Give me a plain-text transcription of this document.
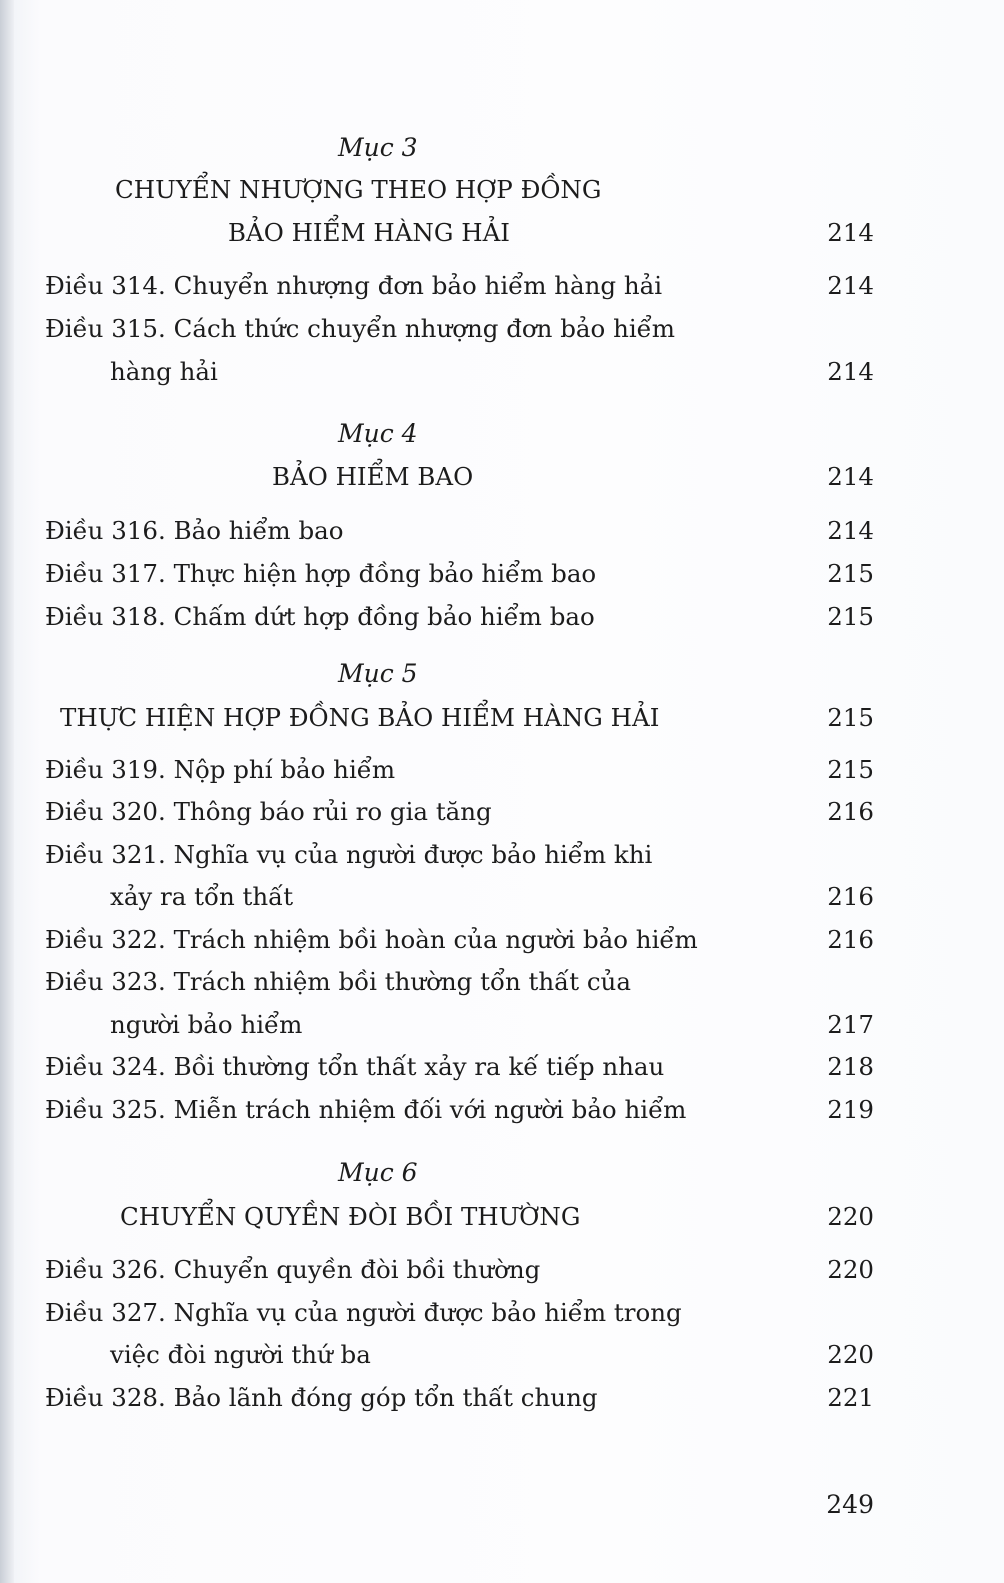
Mục 3
CHUYỂN NHƯỢNG THEO HỢP ĐỒNG
BẢO HIỂM HÀNG HẢI	214
Điều 314. Chuyển nhượng đơn bảo hiểm hàng hải	214
Điều 315. Cách thức chuyển nhượng đơn bảo hiểm
hàng hải	214
Mục 4
BẢO HIỂM BAO	214
Điều 316. Bảo hiểm bao	214
Điều 317. Thực hiện hợp đồng bảo hiểm bao	215
Điều 318. Chấm dứt hợp đồng bảo hiểm bao	215
Mục 5
THỰC HIỆN HỢP ĐỒNG BẢO HIỂM HÀNG HẢI	215
Điều 319. Nộp phí bảo hiểm	215
Điều 320. Thông báo rủi ro gia tăng	216
Điều 321. Nghĩa vụ của người được bảo hiểm khi
xảy ra tổn thất	216
Điều 322. Trách nhiệm bồi hoàn của người bảo hiểm	216
Điều 323. Trách nhiệm bồi thường tổn thất của
người bảo hiểm	217
Điều 324. Bồi thường tổn thất xảy ra kế tiếp nhau	218
Điều 325. Miễn trách nhiệm đối với người bảo hiểm	219
Mục 6
CHUYỂN QUYỀN ĐÒI BỒI THƯỜNG	220
Điều 326. Chuyển quyền đòi bồi thường	220
Điều 327. Nghĩa vụ của người được bảo hiểm trong
việc đòi người thứ ba	220
Điều 328. Bảo lãnh đóng góp tổn thất chung	221
249
